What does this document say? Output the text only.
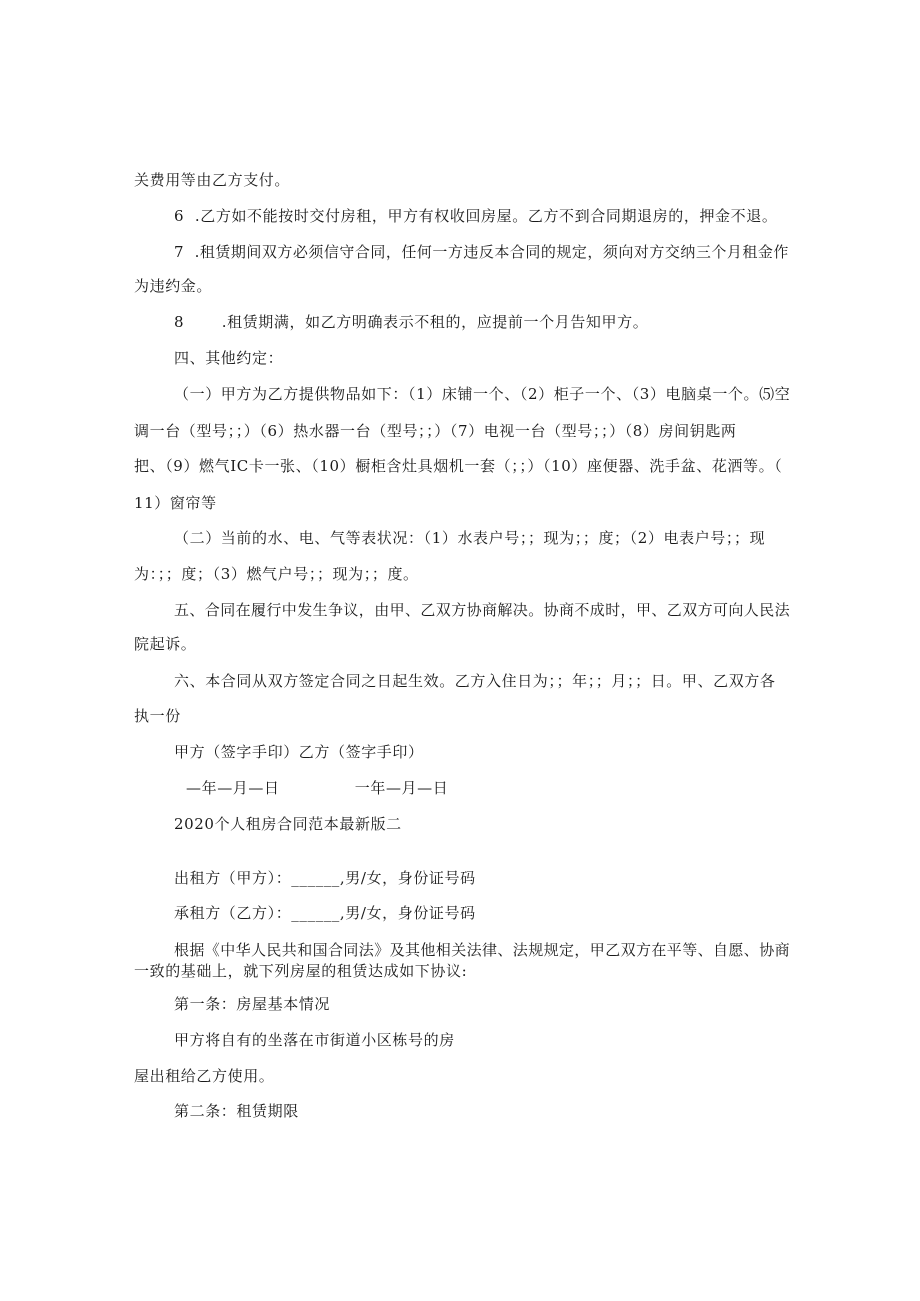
关费用等由乙方支付。

6  .乙方如不能按时交付房租，甲方有权收回房屋。乙方不到合同期退房的，押金不退。

7  .租赁期间双方必须信守合同，任何一方违反本合同的规定，须向对方交纳三个月租金作

为违约金。

8       .租赁期满，如乙方明确表示不租的，应提前一个月告知甲方。

四、其他约定：

（一）甲方为乙方提供物品如下：（1）床铺一个、（2）柜子一个、（3）电脑桌一个。⑸空

调一台（型号；；）（6）热水器一台（型号；；）（7）电视一台（型号；；）（8）房间钥匙两

把、（9）燃气IC卡一张、（10）橱柜含灶具烟机一套（；；）（10）座便器、洗手盆、花洒等。（

11）窗帘等

（二）当前的水、电、气等表状况：（1）水表户号；；现为；；度；（2）电表户号；；现

为：；；度；（3）燃气户号；；现为；；度。

五、合同在履行中发生争议，由甲、乙双方协商解决。协商不成时，甲、乙双方可向人民法

院起诉。

六、本合同从双方签定合同之日起生效。乙方入住日为；；年；；月；；日。甲、乙双方各

执一份

甲方（签字手印）乙方（签字手印）

—年—月—日              一年—月—日

2020个人租房合同范本最新版二

出租方（甲方）：______,男/女，身份证号码

承租方（乙方）：______,男/女，身份证号码

根据《中华人民共和国合同法》及其他相关法律、法规规定，甲乙双方在平等、自愿、协商

一致的基础上，就下列房屋的租赁达成如下协议:

第一条：房屋基本情况

甲方将自有的坐落在市街道小区栋号的房

屋出租给乙方使用。

第二条：租赁期限
